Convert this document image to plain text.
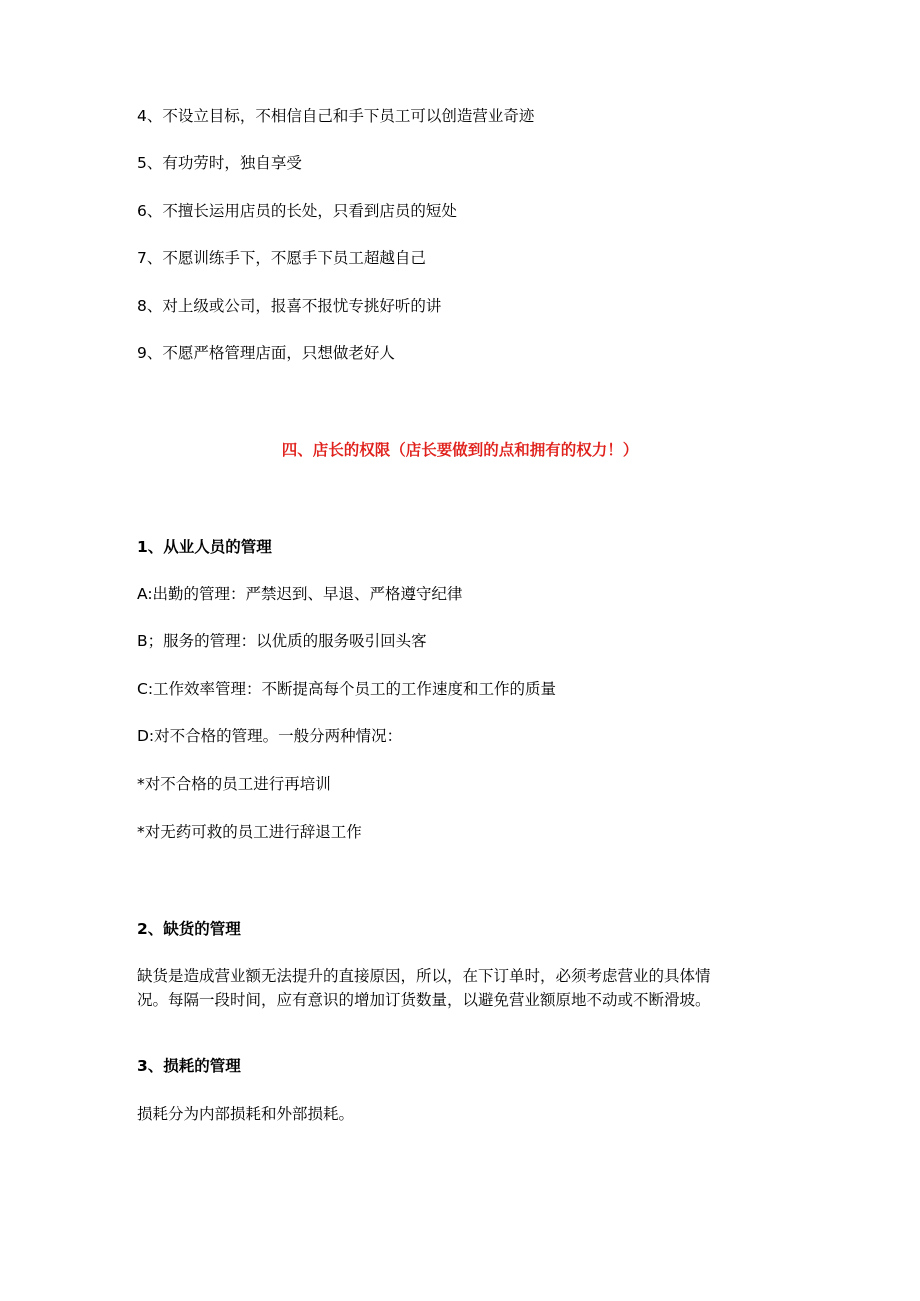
4、不设立目标，不相信自己和手下员工可以创造营业奇迹

5、有功劳时，独自享受

6、不擅长运用店员的长处，只看到店员的短处

7、不愿训练手下，不愿手下员工超越自己

8、对上级或公司，报喜不报忧专挑好听的讲

9、不愿严格管理店面，只想做老好人

四、店长的权限（店长要做到的点和拥有的权力！）

1、从业人员的管理

A:出勤的管理：严禁迟到、早退、严格遵守纪律

B；服务的管理：以优质的服务吸引回头客

C:工作效率管理：不断提高每个员工的工作速度和工作的质量

D:对不合格的管理。一般分两种情况：

*对不合格的员工进行再培训

*对无药可救的员工进行辞退工作

2、缺货的管理

缺货是造成营业额无法提升的直接原因，所以，在下订单时，必须考虑营业的具体情

况。每隔一段时间，应有意识的增加订货数量，以避免营业额原地不动或不断滑坡。

3、损耗的管理

损耗分为内部损耗和外部损耗。
